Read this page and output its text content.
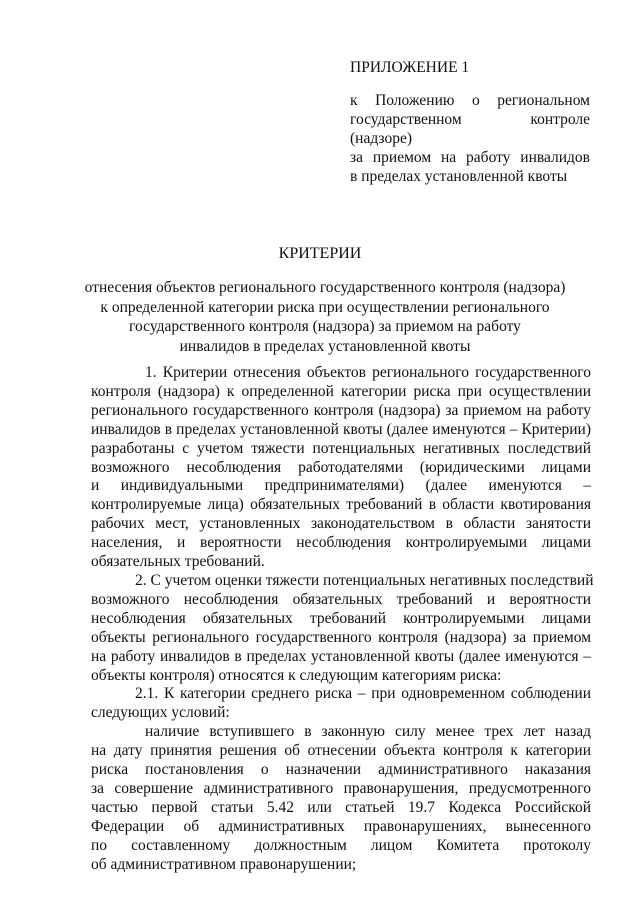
ПРИЛОЖЕНИЕ 1
к Положению о региональном
государственном контроле (надзоре)
за приемом на работу инвалидов
в пределах установленной квоты
КРИТЕРИИ
отнесения объектов регионального государственного контроля (надзора)
к определенной категории риска при осуществлении регионального
государственного контроля (надзора) за приемом на работу
инвалидов в пределах установленной квоты
1. Критерии отнесения объектов регионального государственного
контроля (надзора) к определенной категории риска при осуществлении
регионального государственного контроля (надзора) за приемом на работу
инвалидов в пределах установленной квоты (далее именуются – Критерии)
разработаны с учетом тяжести потенциальных негативных последствий
возможного несоблюдения работодателями (юридическими лицами
и индивидуальными предпринимателями) (далее именуются –
контролируемые лица) обязательных требований в области квотирования
рабочих мест, установленных законодательством в области занятости
населения, и вероятности несоблюдения контролируемыми лицами
обязательных требований.
2. С учетом оценки тяжести потенциальных негативных последствий
возможного несоблюдения обязательных требований и вероятности
несоблюдения обязательных требований контролируемыми лицами
объекты регионального государственного контроля (надзора) за приемом
на работу инвалидов в пределах установленной квоты (далее именуются –
объекты контроля) относятся к следующим категориям риска:
2.1. К категории среднего риска – при одновременном соблюдении
следующих условий:
наличие вступившего в законную силу менее трех лет назад
на дату принятия решения об отнесении объекта контроля к категории
риска постановления о назначении административного наказания
за совершение административного правонарушения, предусмотренного
частью первой статьи 5.42 или статьей 19.7 Кодекса Российской
Федерации об административных правонарушениях, вынесенного
по составленному должностным лицом Комитета протоколу
об административном правонарушении;
